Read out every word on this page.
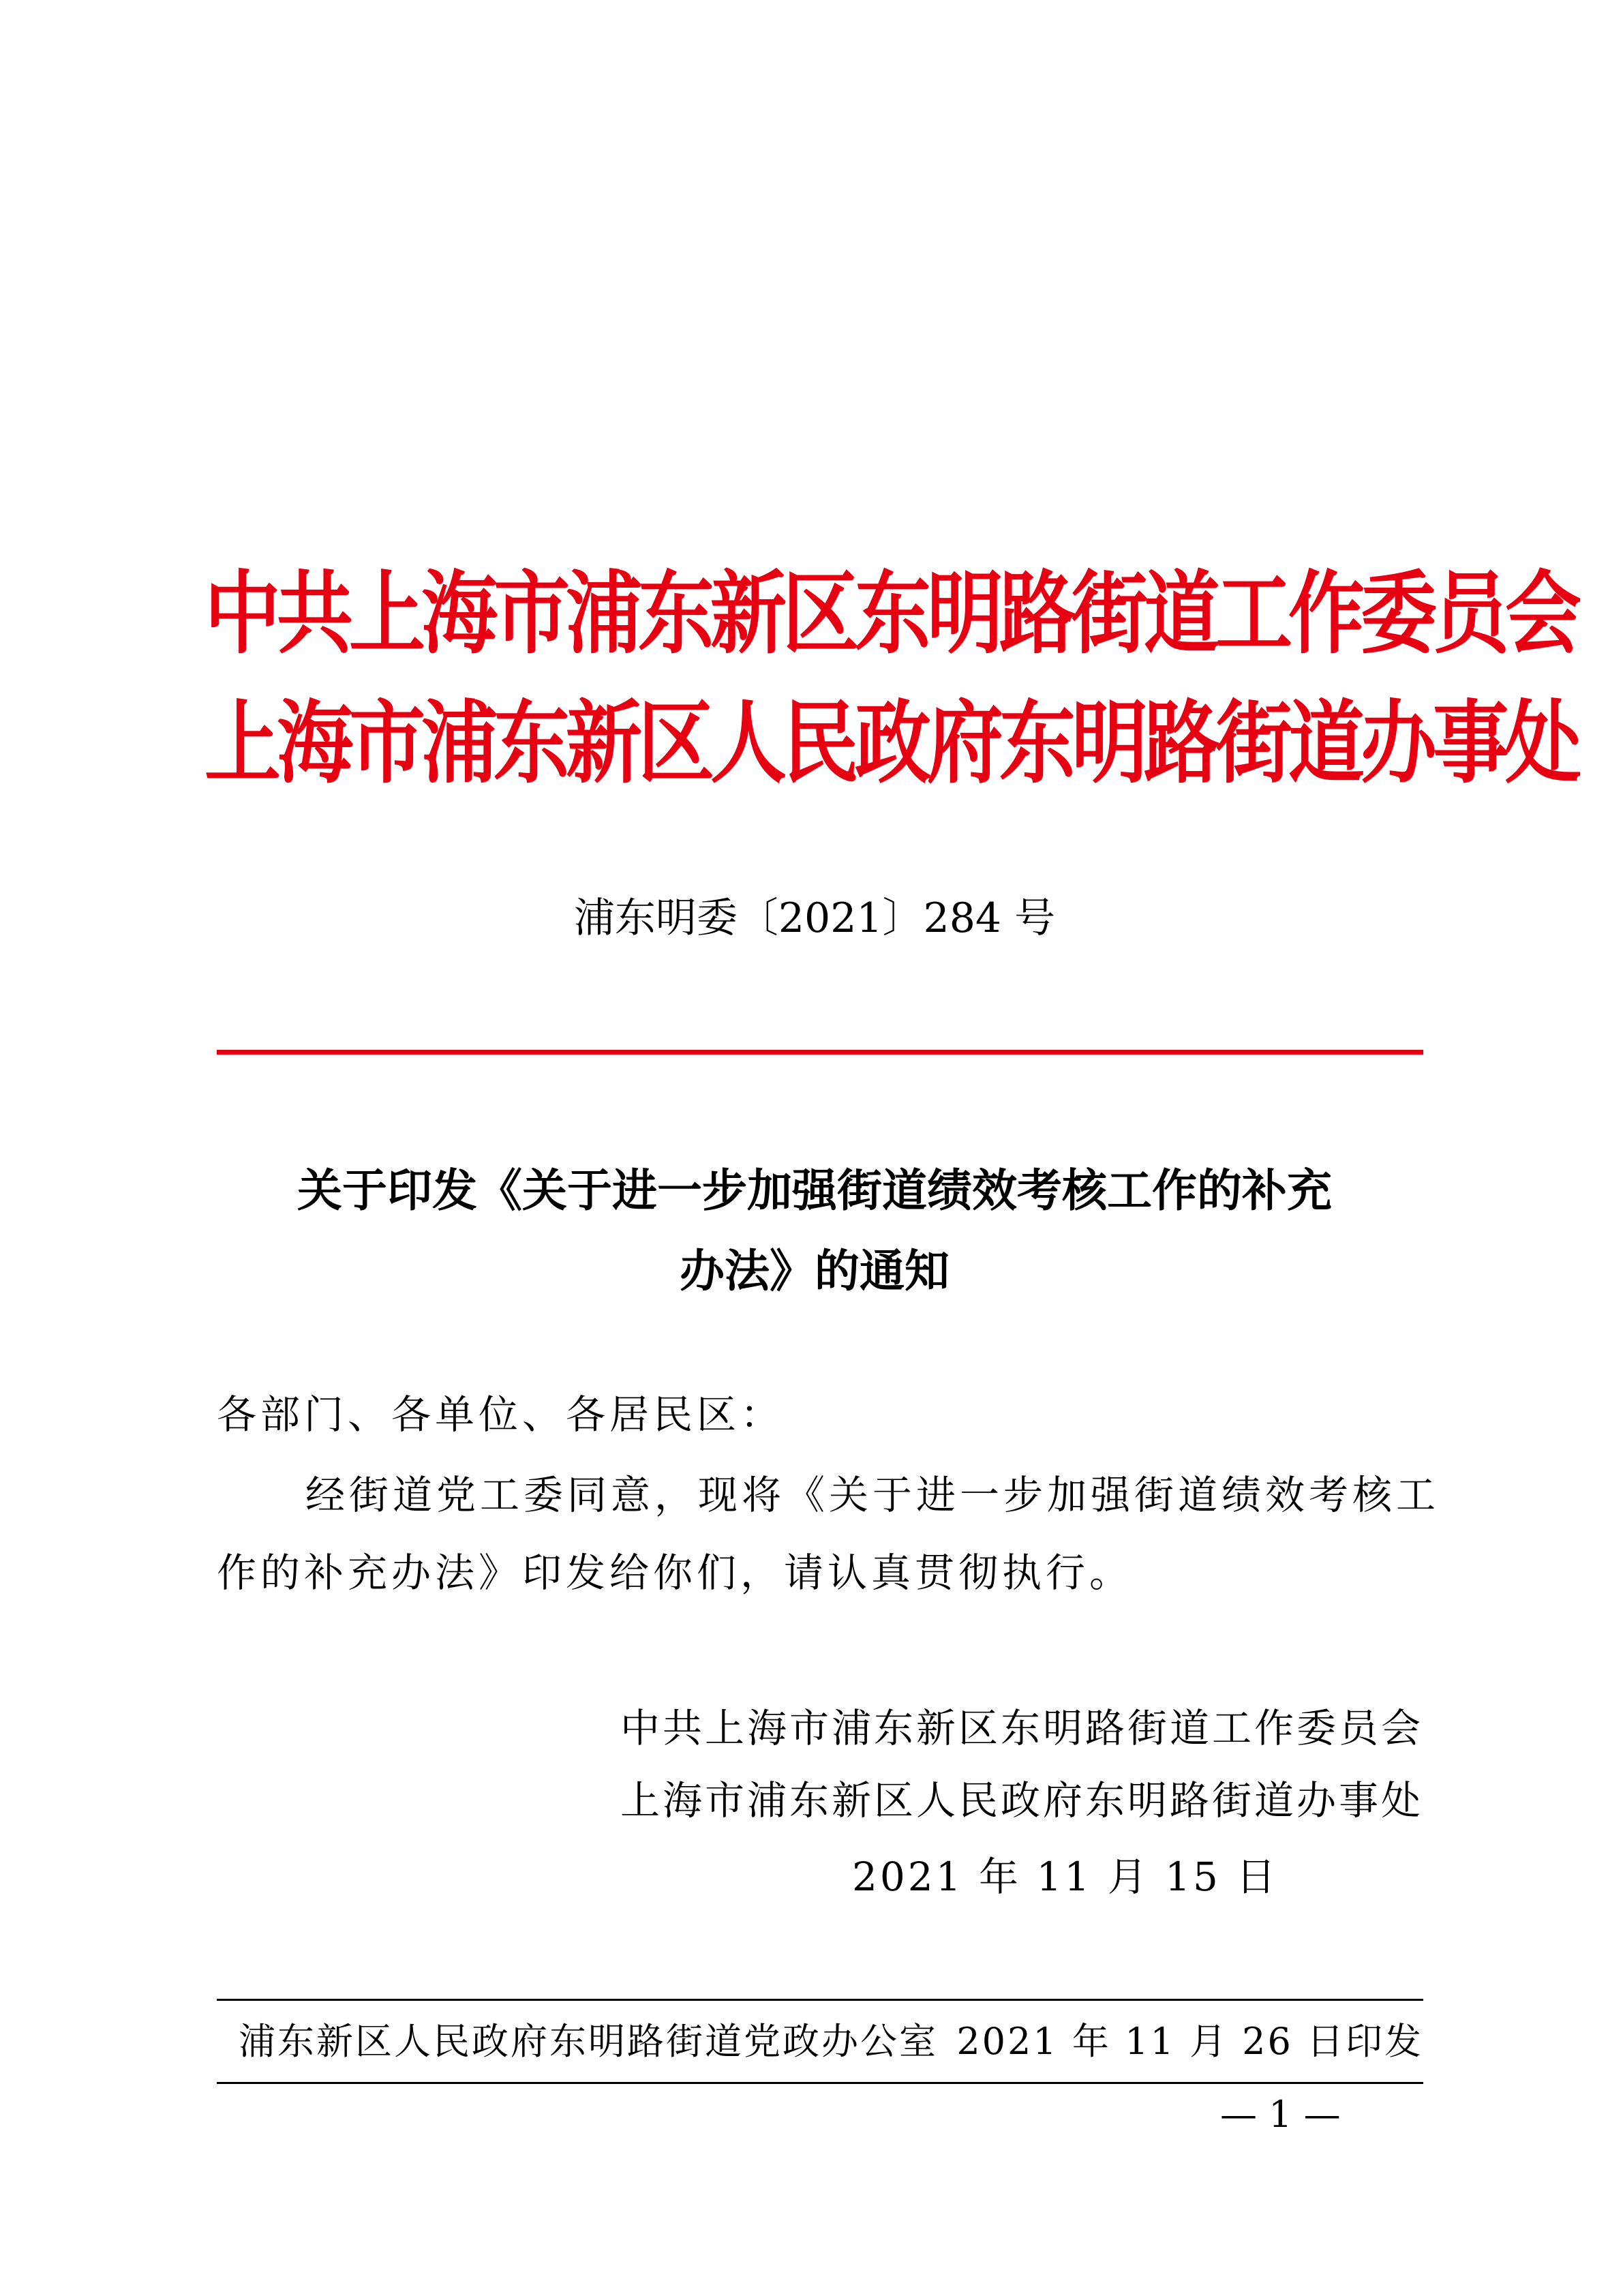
中共上海市浦东新区东明路街道工作委员会
上海市浦东新区人民政府东明路街道办事处
浦东明委〔2021〕284 号
关于印发《关于进一步加强街道绩效考核工作的补充
办法》的通知
各部门、各单位、各居民区：
经街道党工委同意，现将《关于进一步加强街道绩效考核工
作的补充办法》印发给你们，请认真贯彻执行。
中共上海市浦东新区东明路街道工作委员会
上海市浦东新区人民政府东明路街道办事处
2021 年 11 月 15 日
浦东新区人民政府东明路街道党政办公室 2021 年 11 月 26 日印发
— 1 —
